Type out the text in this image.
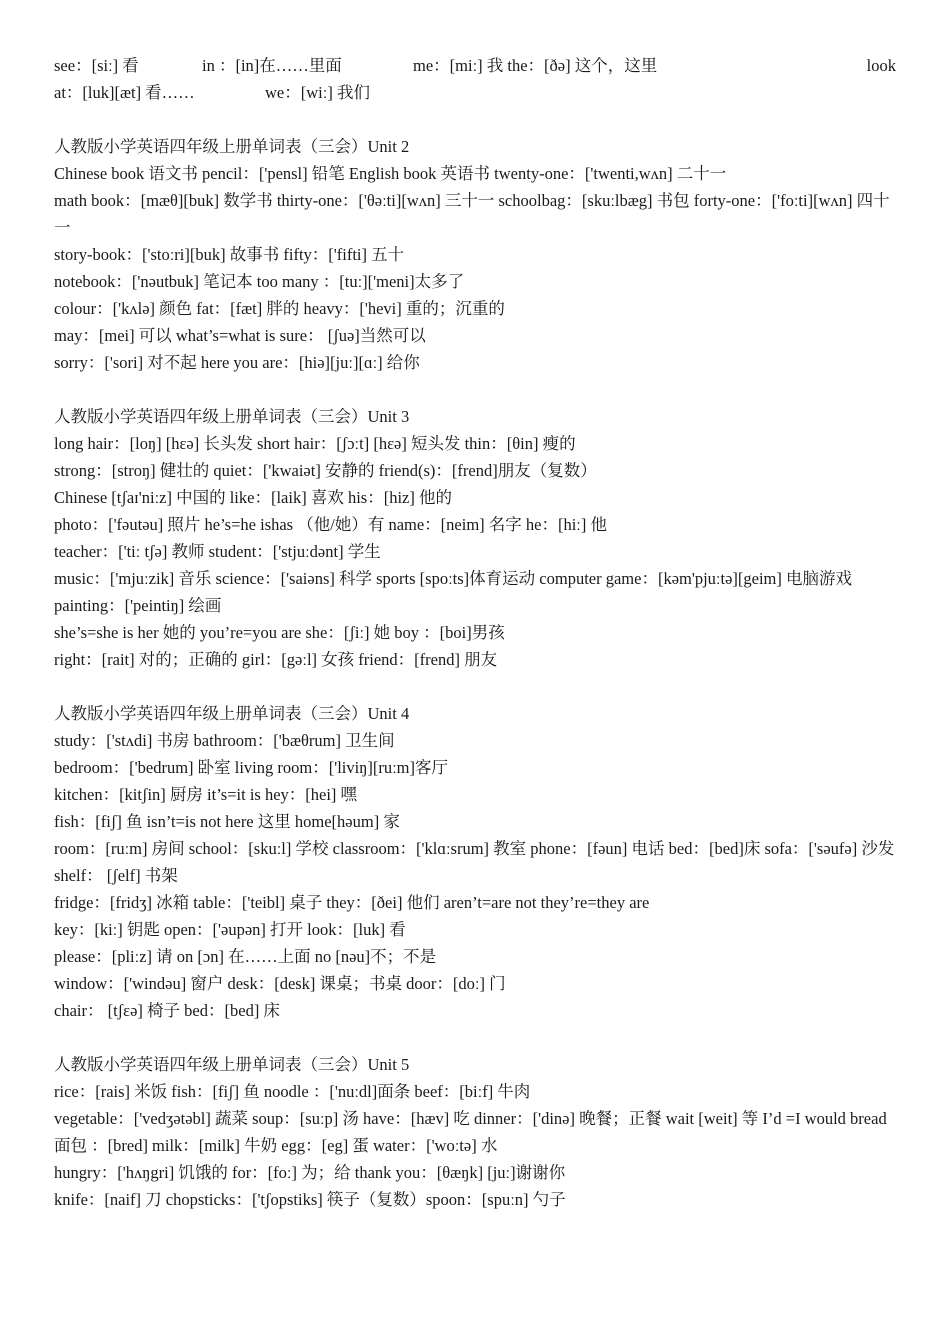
see：[siː] 看	in ：[in]在……里面	me：[miː] 我 the：[ðə] 这个，这里	look
at：[luk][æt] 看……	we：[wiː] 我们
人教版小学英语四年级上册单词表（三会）Unit 2
Chinese book 语文书 pencil：['pensl] 铅笔 English book 英语书 twenty-one：['twenti,wʌn] 二十一
math book：[mæθ][buk] 数学书 thirty-one：['θəːti][wʌn] 三十一 schoolbag：[skuːlbæg] 书包 forty-one：['foːti][wʌn] 四十一
story-book：['stoːri][buk] 故事书 fifty：['fifti] 五十
notebook：['nəutbuk] 笔记本 too many ：[tuː]['meni]太多了
colour：['kʌlə] 颜色 fat：[fæt] 胖的 heavy：['hevi] 重的；沉重的
may：[mei] 可以 what’s=what is sure： [ʃuə]当然可以
sorry：['sori] 对不起 here you are：[hiə][juː][ɑː] 给你
人教版小学英语四年级上册单词表（三会）Unit 3
long hair：[loŋ] [hɛə] 长头发 short hair：[ʃɔːt] [hɛə] 短头发 thin：[θin] 瘦的
strong：[stroŋ] 健壮的 quiet：['kwaiət] 安静的 friend(s)：[frend]朋友（复数）
Chinese [tʃaɪ'niːz] 中国的 like：[laik] 喜欢 his：[hiz] 他的
photo：['fəutəu] 照片 he’s=he ishas （他/她）有 name：[neim] 名字 he：[hiː] 他
teacher：['tiː tʃə] 教师 student：['stjuːdənt] 学生
music：['mjuːzik] 音乐 science：['saiəns] 科学 sports [spoːts]体育运动 computer game：[kəm'pjuːtə][geim] 电脑游戏 painting：['peintiŋ] 绘画
she’s=she is her 她的 you’re=you are she：[ʃiː] 她 boy ：[boi]男孩
right：[rait] 对的；正确的 girl：[gəːl] 女孩 friend：[frend] 朋友
人教版小学英语四年级上册单词表（三会）Unit 4
study：['stʌdi] 书房 bathroom：['bæθrum] 卫生间
bedroom：['bedrum] 卧室 living room：['liviŋ][ruːm]客厅
kitchen：[kitʃin] 厨房 it’s=it is hey：[hei] 嘿
fish：[fiʃ] 鱼 isn’t=is not here 这里 home[həum] 家
room：[ruːm] 房间 school：[skuːl] 学校 classroom：['klɑːsrum] 教室 phone：[fəun] 电话 bed：[bed]床 sofa：['səufə] 沙发 shelf： [ʃelf] 书架
fridge：[fridʒ] 冰箱 table：['teibl] 桌子 they：[ðei] 他们 aren’t=are not they’re=they are
key：[kiː] 钥匙 open：['əupən] 打开 look：[luk] 看
please：[pliːz] 请 on [ɔn] 在……上面 no [nəu]不；不是
window：['windəu] 窗户 desk：[desk] 课桌；书桌 door：[doː] 门
chair： [tʃɛə] 椅子 bed：[bed] 床
人教版小学英语四年级上册单词表（三会）Unit 5
rice：[rais] 米饭 fish：[fiʃ] 鱼 noodle ：['nuːdl]面条 beef：[biːf] 牛肉
vegetable：['vedʒətəbl] 蔬菜 soup：[suːp] 汤 have：[hæv] 吃 dinner：['dinə] 晚餐；正餐 wait [weit] 等 I’d =I would bread 面包 ：[bred] milk：[milk] 牛奶 egg：[eg] 蛋 water：['woːtə] 水
hungry：['hʌŋgri] 饥饿的 for：[foː] 为；给 thank you：[θæŋk] [juː]谢谢你
knife：[naif] 刀 chopsticks：['tʃopstiks] 筷子（复数）spoon：[spuːn] 勺子
